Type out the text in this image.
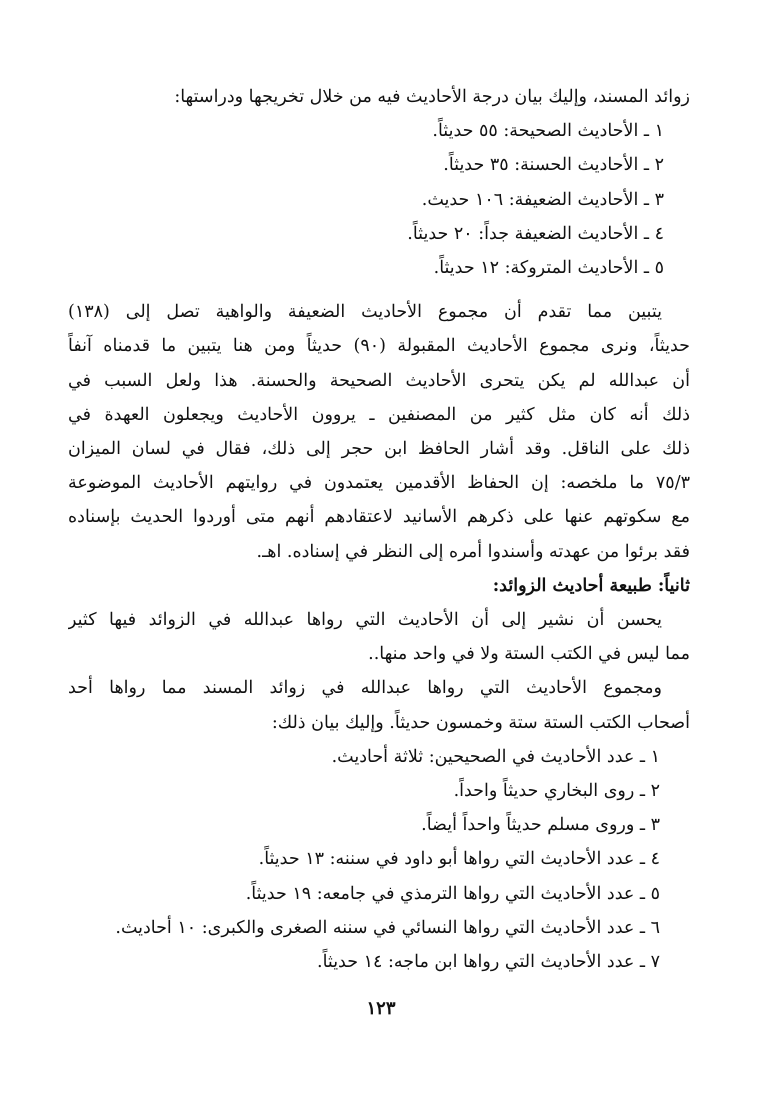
زوائد المسند، وإليك بيان درجة الأحاديث فيه من خلال تخريجها ودراستها:
١ ـ الأحاديث الصحيحة: ٥٥ حديثاً.
٢ ـ الأحاديث الحسنة: ٣٥ حديثاً.
٣ ـ الأحاديث الضعيفة: ١٠٦ حديث.
٤ ـ الأحاديث الضعيفة جداً: ٢٠ حديثاً.
٥ ـ الأحاديث المتروكة: ١٢ حديثاً.
يتبين مما تقدم أن مجموع الأحاديث الضعيفة والواهية تصل إلى (١٣٨)
حديثاً، ونرى مجموع الأحاديث المقبولة (٩٠) حديثاً ومن هنا يتبين ما قدمناه آنفاً
أن عبدالله لم يكن يتحرى الأحاديث الصحيحة والحسنة. هذا ولعل السبب في
ذلك أنه كان مثل كثير من المصنفين ـ يروون الأحاديث ويجعلون العهدة في
ذلك على الناقل. وقد أشار الحافظ ابن حجر إلى ذلك، فقال في لسان الميزان
٧٥/٣ ما ملخصه: إن الحفاظ الأقدمين يعتمدون في روايتهم الأحاديث الموضوعة
مع سكوتهم عنها على ذكرهم الأسانيد لاعتقادهم أنهم متى أوردوا الحديث بإسناده
فقد برئوا من عهدته وأسندوا أمره إلى النظر في إسناده. اهـ.
ثانياً: طبيعة أحاديث الزوائد:
يحسن أن نشير إلى أن الأحاديث التي رواها عبدالله في الزوائد فيها كثير
مما ليس في الكتب الستة ولا في واحد منها..
ومجموع الأحاديث التي رواها عبدالله في زوائد المسند مما رواها أحد
أصحاب الكتب الستة ستة وخمسون حديثاً. وإليك بيان ذلك:
١ ـ عدد الأحاديث في الصحيحين: ثلاثة أحاديث.
٢ ـ روى البخاري حديثاً واحداً.
٣ ـ وروى مسلم حديثاً واحداً أيضاً.
٤ ـ عدد الأحاديث التي رواها أبو داود في سننه: ١٣ حديثاً.
٥ ـ عدد الأحاديث التي رواها الترمذي في جامعه: ١٩ حديثاً.
٦ ـ عدد الأحاديث التي رواها النسائي في سننه الصغرى والكبرى: ١٠ أحاديث.
٧ ـ عدد الأحاديث التي رواها ابن ماجه: ١٤ حديثاً.
١٢٣
